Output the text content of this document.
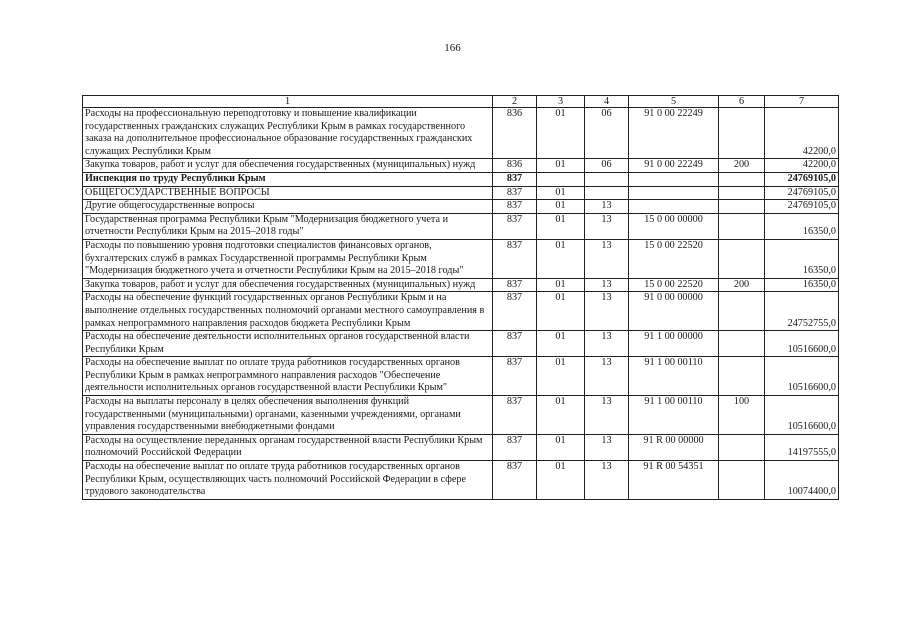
166
1	2	3	4	5	6	7
Расходы на профессиональную переподготовку и повышение квалификации государственных гражданских служащих Республики Крым в рамках государственного заказа на дополнительное профессиональное образование государственных гражданских служащих Республики Крым	836	01	06	91 0 00 22249		42200,0
Закупка товаров, работ и услуг для обеспечения государственных (муниципальных) нужд	836	01	06	91 0 00 22249	200	42200,0
Инспекция по труду Республики Крым	837					24769105,0
ОБЩЕГОСУДАРСТВЕННЫЕ ВОПРОСЫ	837	01				24769105,0
Другие общегосударственные вопросы	837	01	13			24769105,0
Государственная программа Республики Крым "Модернизация бюджетного учета и отчетности Республики Крым на 2015–2018 годы"	837	01	13	15 0 00 00000		16350,0
Расходы по повышению уровня подготовки специалистов финансовых органов, бухгалтерских служб в рамках Государственной программы Республики Крым "Модернизация бюджетного учета и отчетности Республики Крым на 2015–2018 годы"	837	01	13	15 0 00 22520		16350,0
Закупка товаров, работ и услуг для обеспечения государственных (муниципальных) нужд	837	01	13	15 0 00 22520	200	16350,0
Расходы на обеспечение функций государственных органов Республики Крым и на выполнение отдельных государственных полномочий органами местного самоуправления в рамках непрограммного направления расходов бюджета Республики Крым	837	01	13	91 0 00 00000		24752755,0
Расходы на обеспечение деятельности исполнительных органов государственной власти Республики Крым	837	01	13	91 1 00 00000		10516600,0
Расходы на обеспечение выплат по оплате труда работников государственных органов Республики Крым в рамках непрограммного направления расходов "Обеспечение деятельности исполнительных органов государственной власти Республики Крым"	837	01	13	91 1 00 00110		10516600,0
Расходы на выплаты персоналу в целях обеспечения выполнения функций государственными (муниципальными) органами, казенными учреждениями, органами управления государственными внебюджетными фондами	837	01	13	91 1 00 00110	100	10516600,0
Расходы на осуществление переданных органам государственной власти Республики Крым полномочий Российской Федерации	837	01	13	91 R 00 00000		14197555,0
Расходы на обеспечение выплат по оплате труда работников государственных органов Республики Крым, осуществляющих часть полномочий Российской Федерации в сфере трудового законодательства	837	01	13	91 R 00 54351		10074400,0
